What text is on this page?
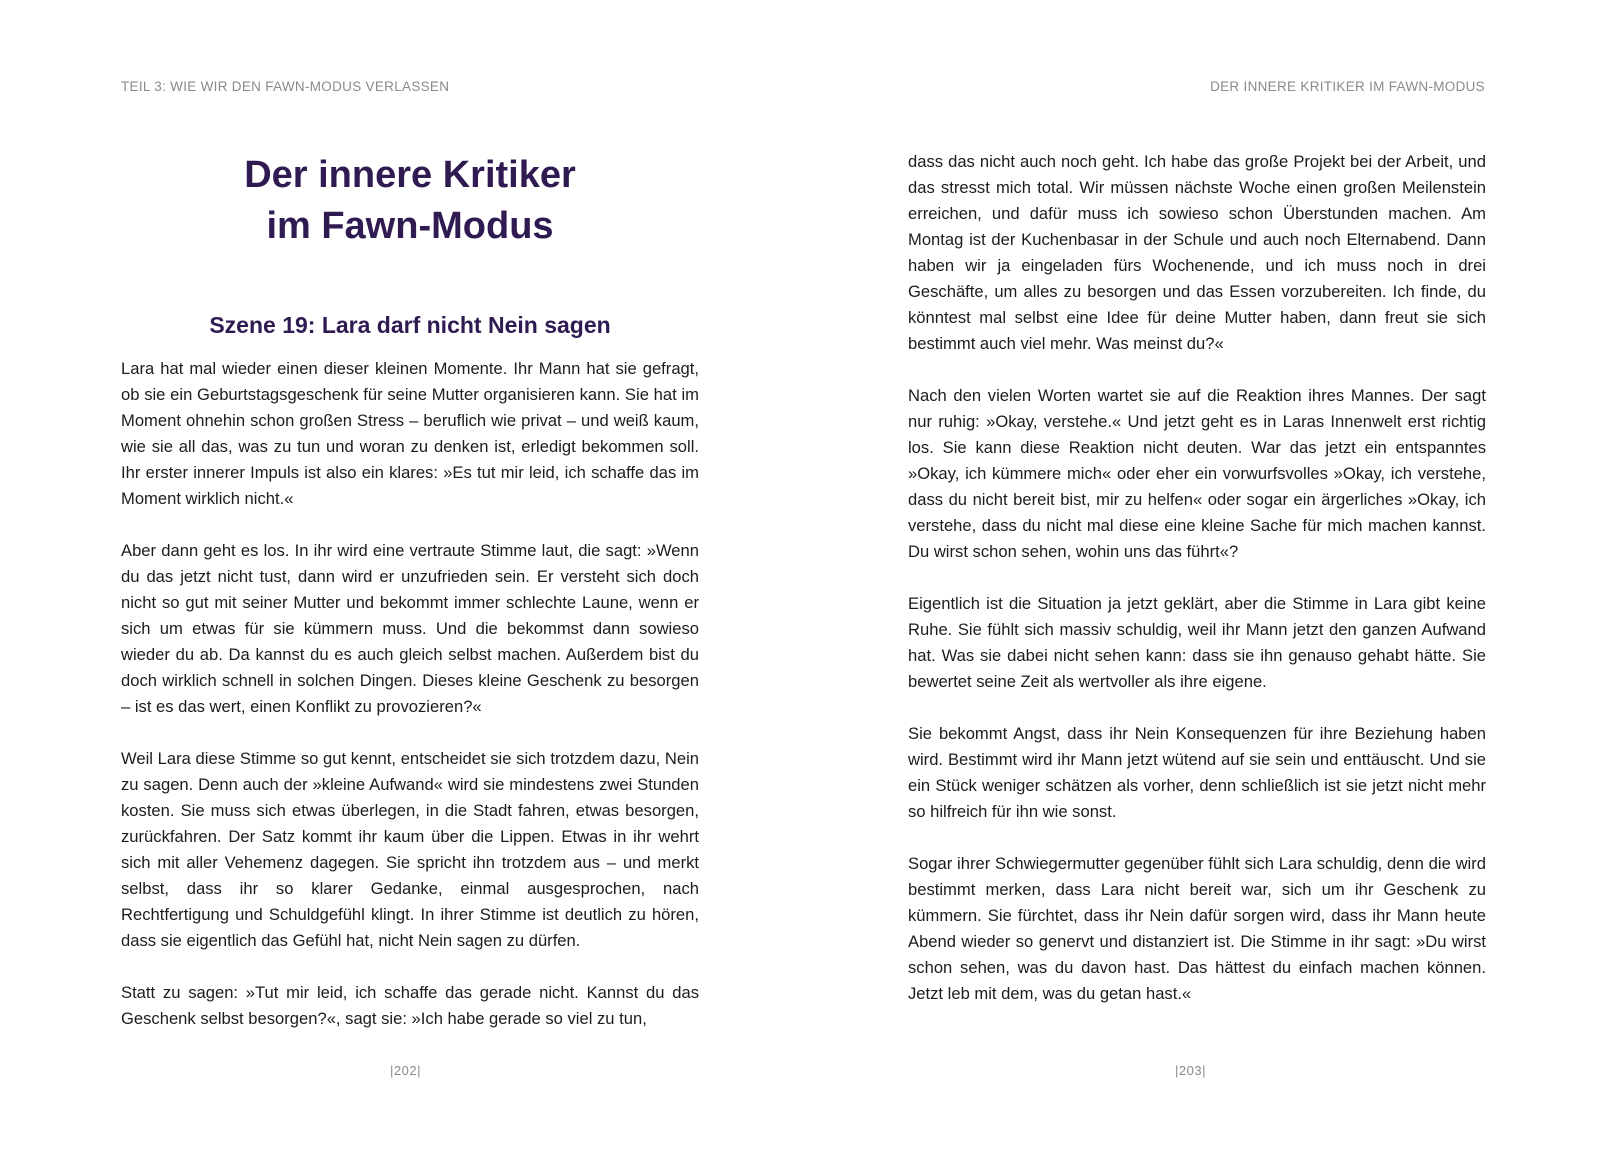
TEIL 3: WIE WIR DEN FAWN-MODUS VERLASSEN
Der innere Kritiker
im Fawn-Modus
Szene 19: Lara darf nicht Nein sagen

Lara hat mal wieder einen dieser kleinen Momente. Ihr Mann hat sie gefragt, ob sie ein Geburtstagsgeschenk für seine Mutter organisieren kann. Sie hat im Moment ohnehin schon großen Stress – beruflich wie privat – und weiß kaum, wie sie all das, was zu tun und woran zu denken ist, erledigt bekommen soll. Ihr erster innerer Impuls ist also ein klares: »Es tut mir leid, ich schaffe das im Moment wirklich nicht.«

Aber dann geht es los. In ihr wird eine vertraute Stimme laut, die sagt: »Wenn du das jetzt nicht tust, dann wird er unzufrieden sein. Er versteht sich doch nicht so gut mit seiner Mutter und bekommt immer schlechte Laune, wenn er sich um etwas für sie kümmern muss. Und die bekommst dann sowieso wieder du ab. Da kannst du es auch gleich selbst machen. Außerdem bist du doch wirklich schnell in solchen Dingen. Dieses kleine Geschenk zu besorgen – ist es das wert, einen Konflikt zu provozieren?«

Weil Lara diese Stimme so gut kennt, entscheidet sie sich trotzdem dazu, Nein zu sagen. Denn auch der »kleine Aufwand« wird sie mindestens zwei Stunden kosten. Sie muss sich etwas überlegen, in die Stadt fahren, etwas besorgen, zurückfahren. Der Satz kommt ihr kaum über die Lippen. Etwas in ihr wehrt sich mit aller Vehemenz dagegen. Sie spricht ihn trotzdem aus – und merkt selbst, dass ihr so klarer Gedanke, einmal ausgesprochen, nach Rechtfertigung und Schuldgefühl klingt. In ihrer Stimme ist deutlich zu hören, dass sie eigentlich das Gefühl hat, nicht Nein sagen zu dürfen.

Statt zu sagen: »Tut mir leid, ich schaffe das gerade nicht. Kannst du das Geschenk selbst besorgen?«, sagt sie: »Ich habe gerade so viel zu tun,

|202|
DER INNERE KRITIKER IM FAWN-MODUS

dass das nicht auch noch geht. Ich habe das große Projekt bei der Arbeit, und das stresst mich total. Wir müssen nächste Woche einen großen Meilenstein erreichen, und dafür muss ich sowieso schon Überstunden machen. Am Montag ist der Kuchenbasar in der Schule und auch noch Elternabend. Dann haben wir ja eingeladen fürs Wochenende, und ich muss noch in drei Geschäfte, um alles zu besorgen und das Essen vorzubereiten. Ich finde, du könntest mal selbst eine Idee für deine Mutter haben, dann freut sie sich bestimmt auch viel mehr. Was meinst du?«

Nach den vielen Worten wartet sie auf die Reaktion ihres Mannes. Der sagt nur ruhig: »Okay, verstehe.« Und jetzt geht es in Laras Innenwelt erst richtig los. Sie kann diese Reaktion nicht deuten. War das jetzt ein entspanntes »Okay, ich kümmere mich« oder eher ein vorwurfsvolles »Okay, ich verstehe, dass du nicht bereit bist, mir zu helfen« oder sogar ein ärgerliches »Okay, ich verstehe, dass du nicht mal diese eine kleine Sache für mich machen kannst. Du wirst schon sehen, wohin uns das führt«?

Eigentlich ist die Situation ja jetzt geklärt, aber die Stimme in Lara gibt keine Ruhe. Sie fühlt sich massiv schuldig, weil ihr Mann jetzt den ganzen Aufwand hat. Was sie dabei nicht sehen kann: dass sie ihn genauso gehabt hätte. Sie bewertet seine Zeit als wertvoller als ihre eigene.

Sie bekommt Angst, dass ihr Nein Konsequenzen für ihre Beziehung haben wird. Bestimmt wird ihr Mann jetzt wütend auf sie sein und enttäuscht. Und sie ein Stück weniger schätzen als vorher, denn schließlich ist sie jetzt nicht mehr so hilfreich für ihn wie sonst.

Sogar ihrer Schwiegermutter gegenüber fühlt sich Lara schuldig, denn die wird bestimmt merken, dass Lara nicht bereit war, sich um ihr Geschenk zu kümmern. Sie fürchtet, dass ihr Nein dafür sorgen wird, dass ihr Mann heute Abend wieder so genervt und distanziert ist. Die Stimme in ihr sagt: »Du wirst schon sehen, was du davon hast. Das hättest du einfach machen können. Jetzt leb mit dem, was du getan hast.«

|203|
